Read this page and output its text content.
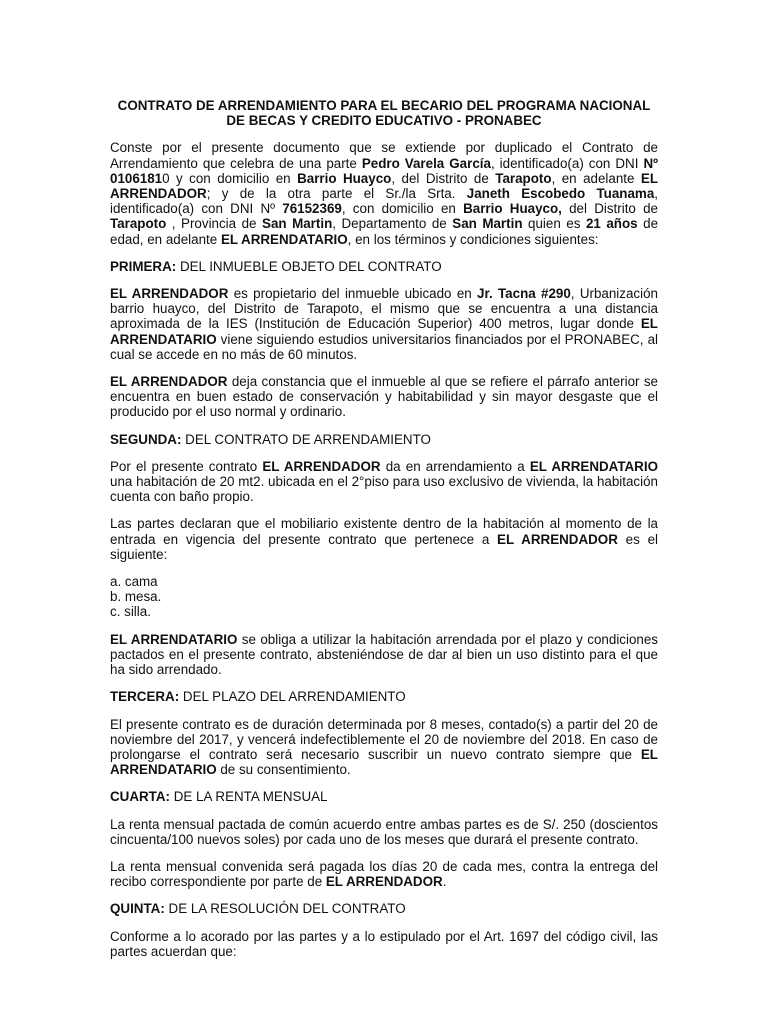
CONTRATO DE ARRENDAMIENTO PARA EL BECARIO DEL PROGRAMA NACIONAL DE BECAS Y CREDITO EDUCATIVO - PRONABEC

Conste por el presente documento que se extiende por duplicado el Contrato de Arrendamiento que celebra de una parte Pedro Varela García, identificado(a) con DNI Nº 01061810 y con domicilio en Barrio Huayco, del Distrito de Tarapoto, en adelante EL ARRENDADOR; y de la otra parte el Sr./la Srta. Janeth Escobedo Tuanama, identificado(a) con DNI Nº 76152369, con domicilio en Barrio Huayco, del Distrito de Tarapoto , Provincia de San Martin, Departamento de San Martin quien es 21 años de edad, en adelante EL ARRENDATARIO, en los términos y condiciones siguientes:

PRIMERA: DEL INMUEBLE OBJETO DEL CONTRATO

EL ARRENDADOR es propietario del inmueble ubicado en Jr. Tacna #290, Urbanización barrio huayco, del Distrito de Tarapoto, el mismo que se encuentra a una distancia aproximada de la IES (Institución de Educación Superior) 400 metros, lugar donde EL ARRENDATARIO viene siguiendo estudios universitarios financiados por el PRONABEC, al cual se accede en no más de 60 minutos.

EL ARRENDADOR deja constancia que el inmueble al que se refiere el párrafo anterior se encuentra en buen estado de conservación y habitabilidad y sin mayor desgaste que el producido por el uso normal y ordinario.

SEGUNDA: DEL CONTRATO DE ARRENDAMIENTO

Por el presente contrato EL ARRENDADOR da en arrendamiento a EL ARRENDATARIO una habitación de 20 mt2. ubicada en el 2°piso para uso exclusivo de vivienda, la habitación cuenta con baño propio.

Las partes declaran que el mobiliario existente dentro de la habitación al momento de la entrada en vigencia del presente contrato que pertenece a EL ARRENDADOR es el siguiente:

a. cama
b. mesa.
c. silla.

EL ARRENDATARIO se obliga a utilizar la habitación arrendada por el plazo y condiciones pactados en el presente contrato, absteniéndose de dar al bien un uso distinto para el que ha sido arrendado.

TERCERA: DEL PLAZO DEL ARRENDAMIENTO

El presente contrato es de duración determinada por 8 meses, contado(s) a partir del 20 de noviembre del 2017, y vencerá indefectiblemente el 20 de noviembre del 2018. En caso de prolongarse el contrato será necesario suscribir un nuevo contrato siempre que EL ARRENDATARIO de su consentimiento.

CUARTA: DE LA RENTA MENSUAL

La renta mensual pactada de común acuerdo entre ambas partes es de S/. 250 (doscientos cincuenta/100 nuevos soles) por cada uno de los meses que durará el presente contrato.

La renta mensual convenida será pagada los días 20 de cada mes, contra la entrega del recibo correspondiente por parte de EL ARRENDADOR.

QUINTA: DE LA RESOLUCIÓN DEL CONTRATO

Conforme a lo acorado por las partes y a lo estipulado por el Art. 1697 del código civil, las partes acuerdan que:
